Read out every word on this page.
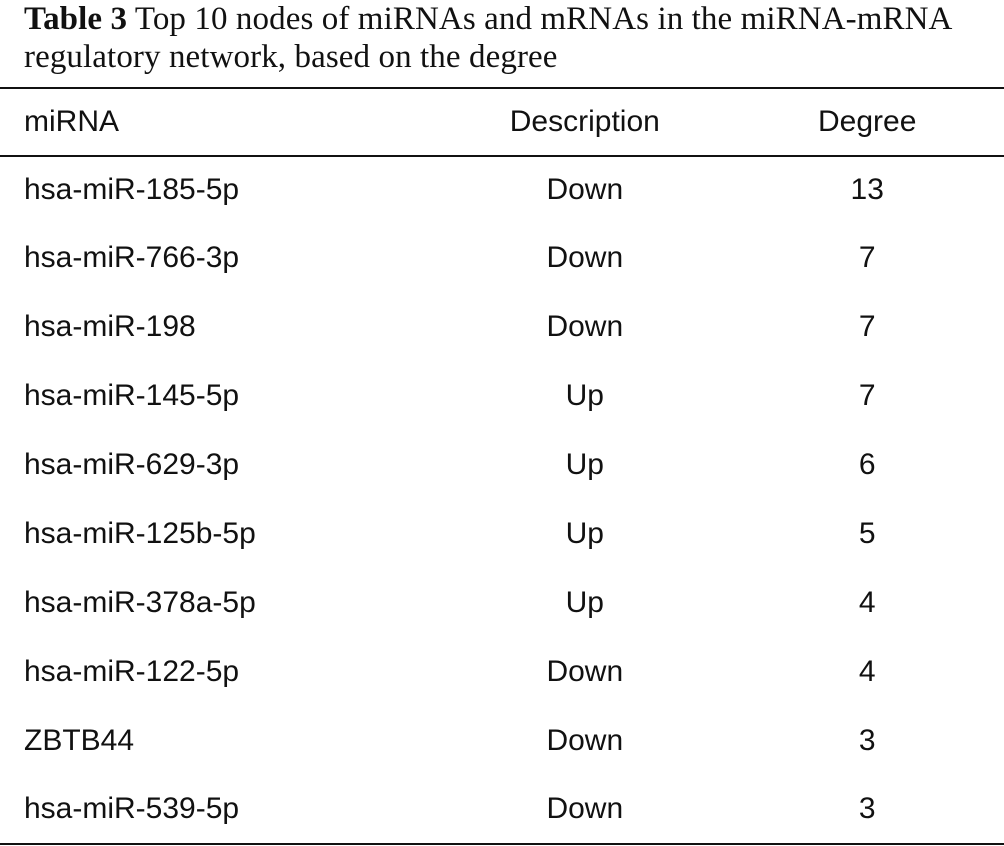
Table 3 Top 10 nodes of miRNAs and mRNAs in the miRNA-mRNA regulatory network, based on the degree
miRNA	Description	Degree
hsa-miR-185-5p	Down	13
hsa-miR-766-3p	Down	7
hsa-miR-198	Down	7
hsa-miR-145-5p	Up	7
hsa-miR-629-3p	Up	6
hsa-miR-125b-5p	Up	5
hsa-miR-378a-5p	Up	4
hsa-miR-122-5p	Down	4
ZBTB44	Down	3
hsa-miR-539-5p	Down	3
